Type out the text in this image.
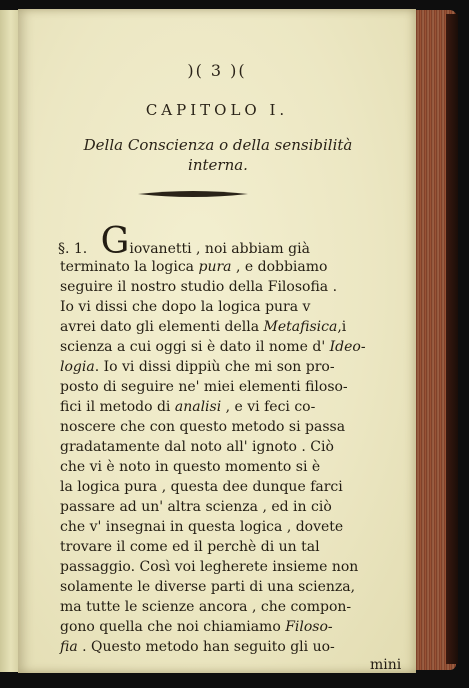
)( 3 )(
CAPITOLO I.
Della Conscienza o della sensibilità
interna.
§. 1. Giovanetti , noi abbiam già
terminato la logica pura , e dobbiamo
seguire il nostro studio della Filosofia .
Io vi dissi che dopo la logica pura v
avrei dato gli elementi della Metafisica,i
scienza a cui oggi si è dato il nome d' Ideo-
logia. Io vi dissi dippiù che mi son pro-
posto di seguire ne' miei elementi filoso-
fici il metodo di analisi , e vi feci co-
noscere che con questo metodo si passa
gradatamente dal noto all' ignoto . Ciò
che vi è noto in questo momento si è
la logica pura , questa dee dunque farci
passare ad un' altra scienza , ed in ciò
che v' insegnai in questa logica , dovete
trovare il come ed il perchè di un tal
passaggio. Così voi legherete insieme non
solamente le diverse parti di una scienza,
ma tutte le scienze ancora , che compon-
gono quella che noi chiamiamo Filoso-
fia . Questo metodo han seguito gli uo-
mini
